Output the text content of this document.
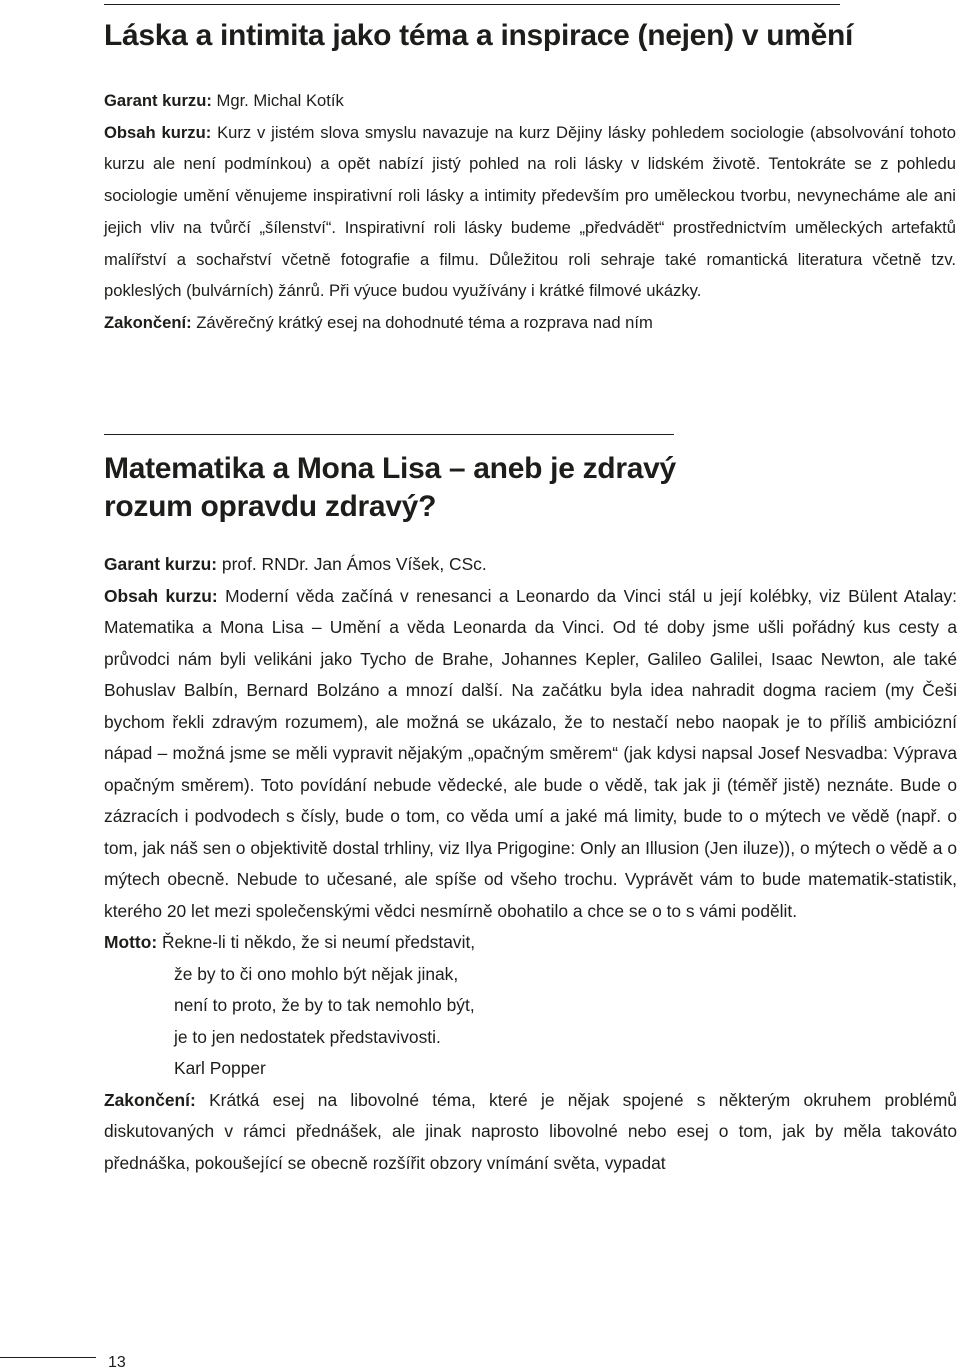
Láska a intimita jako téma a inspirace (nejen) v umění

Garant kurzu: Mgr. Michal Kotík

Obsah kurzu: Kurz v jistém slova smyslu navazuje na kurz Dějiny lásky pohledem sociologie (absolvování tohoto kurzu ale není podmínkou) a opět nabízí jistý pohled na roli lásky v lidském životě. Tentokráte se z pohledu sociologie umění věnujeme inspirativní roli lásky a intimity především pro uměleckou tvorbu, nevynecháme ale ani jejich vliv na tvůrčí „šílenství“. Inspirativní roli lásky budeme „předvádět“ prostřednictvím uměleckých artefaktů malířství a sochařství včetně fotografie a filmu. Důležitou roli sehraje také romantická literatura včetně tzv. pokleslých (bulvárních) žánrů. Při výuce budou využívány i krátké filmové ukázky.

Zakončení: Závěrečný krátký esej na dohodnuté téma a rozprava nad ním

Matematika a Mona Lisa – aneb je zdravý
rozum opravdu zdravý?

Garant kurzu: prof. RNDr. Jan Ámos Víšek, CSc.

Obsah kurzu: Moderní věda začíná v renesanci a Leonardo da Vinci stál u její kolébky, viz Bülent Atalay: Matematika a Mona Lisa – Umění a věda Leonarda da Vinci. Od té doby jsme ušli pořádný kus cesty a průvodci nám byli velikáni jako Tycho de Brahe, Johannes Kepler, Galileo Galilei, Isaac Newton, ale také Bohuslav Balbín, Bernard Bolzáno a mnozí další. Na začátku byla idea nahradit dogma raciem (my Češi bychom řekli zdravým rozumem), ale možná se ukázalo, že to nestačí nebo naopak je to příliš ambiciózní nápad – možná jsme se měli vypravit nějakým „opačným směrem“ (jak kdysi napsal Josef Nesvadba: Výprava opačným směrem). Toto povídání nebude vědecké, ale bude o vědě, tak jak ji (téměř jistě) neznáte. Bude o zázracích i podvodech s čísly, bude o tom, co věda umí a jaké má limity, bude to o mýtech ve vědě (např. o tom, jak náš sen o objektivitě dostal trhliny, viz Ilya Prigogine: Only an Illusion (Jen iluze)), o mýtech o vědě a o mýtech obecně. Nebude to učesané, ale spíše od všeho trochu. Vyprávět vám to bude matematik-statistik, kterého 20 let mezi společenskými vědci nesmírně obohatilo a chce se o to s vámi podělit.

Motto: Řekne-li ti někdo, že si neumí představit,

že by to či ono mohlo být nějak jinak,
není to proto, že by to tak nemohlo být,
je to jen nedostatek představivosti.
Karl Popper

Zakončení: Krátká esej na libovolné téma, které je nějak spojené s některým okruhem problémů diskutovaných v rámci přednášek, ale jinak naprosto libovolné nebo esej o tom, jak by měla takováto přednáška, pokoušející se obecně rozšířit obzory vnímání světa, vypadat

13
